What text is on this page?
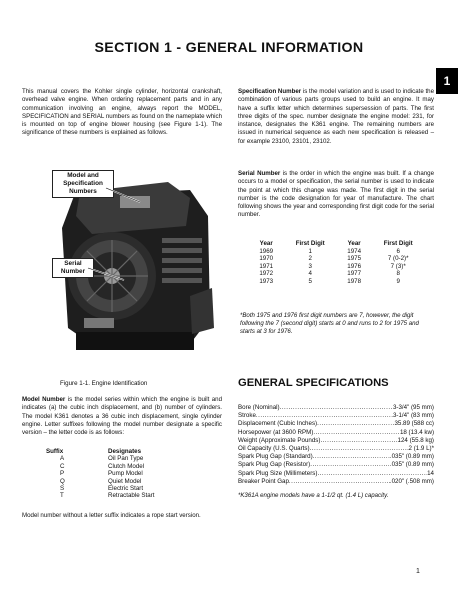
SECTION 1 - GENERAL INFORMATION
1
This manual covers the Kohler single cylinder, horizontal crankshaft, overhead valve engine. When ordering replacement parts and in any communication involving an engine, always report the MODEL, SPECIFICATION and SERIAL numbers as found on the nameplate which is mounted on top of engine blower housing (see Figure 1-1). The significance of these numbers is explained as follows.
Specification Number is the model variation and is used to indicate the combination of various parts groups used to build an engine. It may have a suffix letter which determines supersession of parts. The first three digits of the spec. number designate the engine model: 231, for instance, designates the K361 engine. The remaining numbers are issued in numerical sequence as each new specification is released – for example 23100, 23101, 23102.
Serial Number is the order in which the engine was built. If a change occurs to a model or specification, the serial number is used to indicate the point at which this change was made. The first digit in the serial number is the code designation for year of manufacture. The chart following shows the year and corresponding first digit code for the serial number.
Model and Specification Numbers
Serial Number
Figure 1-1. Engine Identification
Year	First Digit	Year	First Digit
1969	1	1974	6
1970	2	1975	7 (0-2)*
1971	3	1976	7 (3)*
1972	4	1977	8
1973	5	1978	9
*Both 1975 and 1976 first digit numbers are 7, however, the digit following the 7 (second digit) starts at 0 and runs to 2 for 1975 and starts at 3 for 1976.
Model Number is the model series within which the engine is built and indicates (a) the cubic inch displacement, and (b) number of cylinders. The model K361 denotes a 36 cubic inch displacement, single cylinder engine. Letter suffixes following the model number designate a specific version – the letter code is as follows:
Suffix	Designates
A	Oil Pan Type
C	Clutch Model
P	Pump Model
Q	Quiet Model
S	Electric Start
T	Retractable Start
Model number without a letter suffix indicates a rope start version.
GENERAL SPECIFICATIONS
Bore (Nominal) .....	3-3/4" (95 mm)
Stroke .....	3-1/4" (83 mm)
Displacement (Cubic Inches) .....	35.89 (588 cc)
Horsepower (at 3600 RPM) .....	18 (13.4 kw)
Weight (Approximate Pounds) .....	124 (55.8 kg)
Oil Capacity (U.S. Quarts) .....	2 (1.9 L)*
Spark Plug Gap (Standard) .....	.035" (0.89 mm)
Spark Plug Gap (Resistor) .....	.035" (0.89 mm)
Spark Plug Size (Millimeters) .....	14
Breaker Point Gap .....	.020" (.508 mm)
*K361A engine models have a 1-1/2 qt. (1.4 L) capacity.
1
